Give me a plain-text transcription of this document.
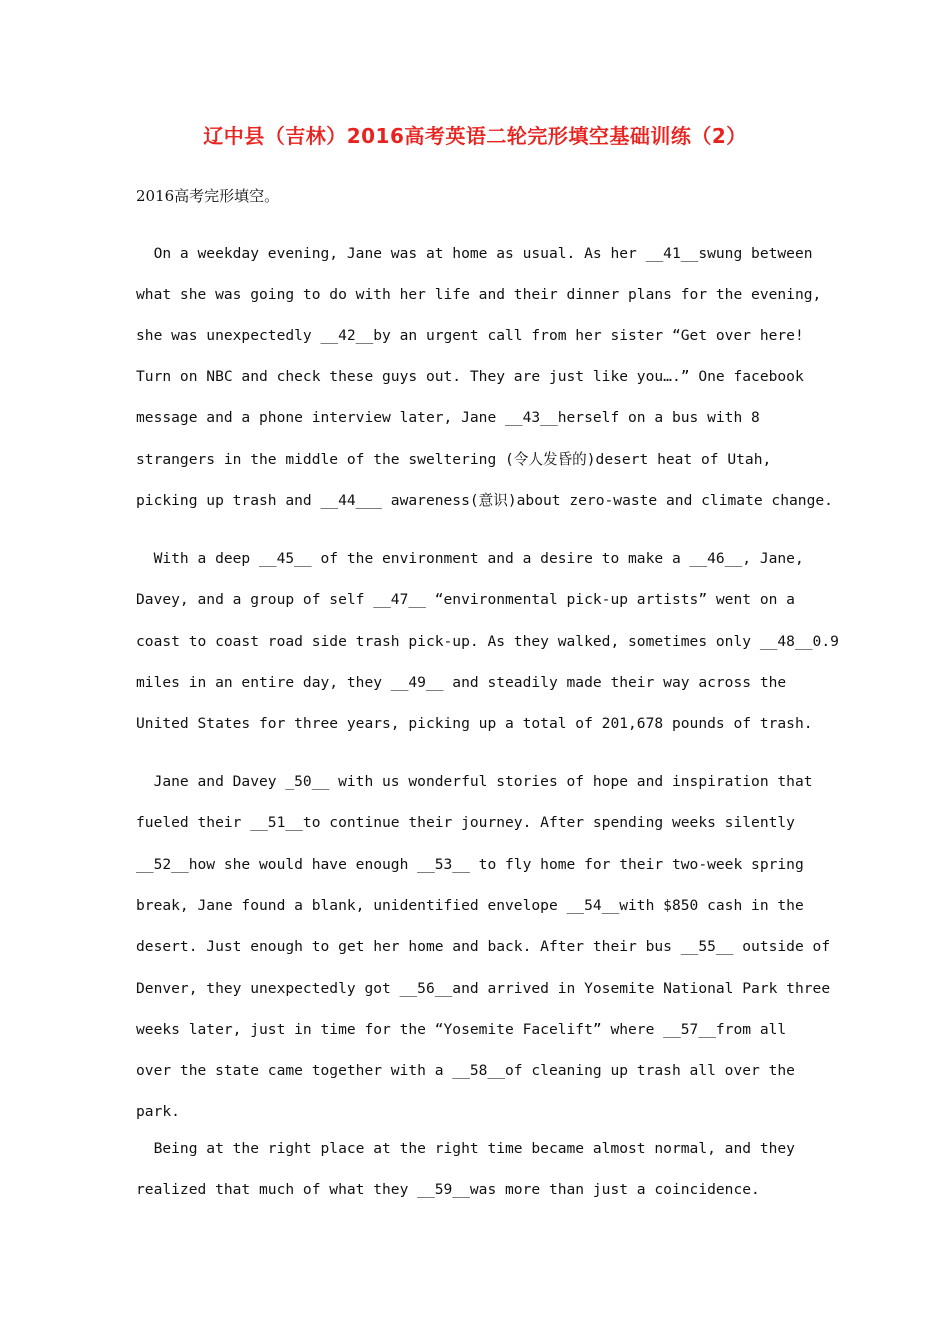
辽中县（吉林）2016高考英语二轮完形填空基础训练（2）
2016高考完形填空。
On a weekday evening, Jane was at home as usual. As her __41__swung between
what she was going to do with her life and their dinner plans for the evening,
she was unexpectedly __42__by an urgent call from her sister “Get over here!
Turn on NBC and check these guys out. They are just like you….” One facebook
message and a phone interview later, Jane __43__herself on a bus with 8
strangers in the middle of the sweltering (令人发昏的)desert heat of Utah,
picking up trash and __44___ awareness(意识)about zero-waste and climate change.
With a deep __45__ of the environment and a desire to make a __46__, Jane,
Davey, and a group of self __47__ “environmental pick-up artists” went on a
coast to coast road side trash pick-up. As they walked, sometimes only __48__0.9
miles in an entire day, they __49__ and steadily made their way across the
United States for three years, picking up a total of 201,678 pounds of trash.
Jane and Davey _50__ with us wonderful stories of hope and inspiration that
fueled their __51__to continue their journey. After spending weeks silently
__52__how she would have enough __53__ to fly home for their two-week spring
break, Jane found a blank, unidentified envelope __54__with $850 cash in the
desert. Just enough to get her home and back. After their bus __55__ outside of
Denver, they unexpectedly got __56__and arrived in Yosemite National Park three
weeks later, just in time for the “Yosemite Facelift” where __57__from all
over the state came together with a __58__of cleaning up trash all over the
park.
Being at the right place at the right time became almost normal, and they
realized that much of what they __59__was more than just a coincidence.
